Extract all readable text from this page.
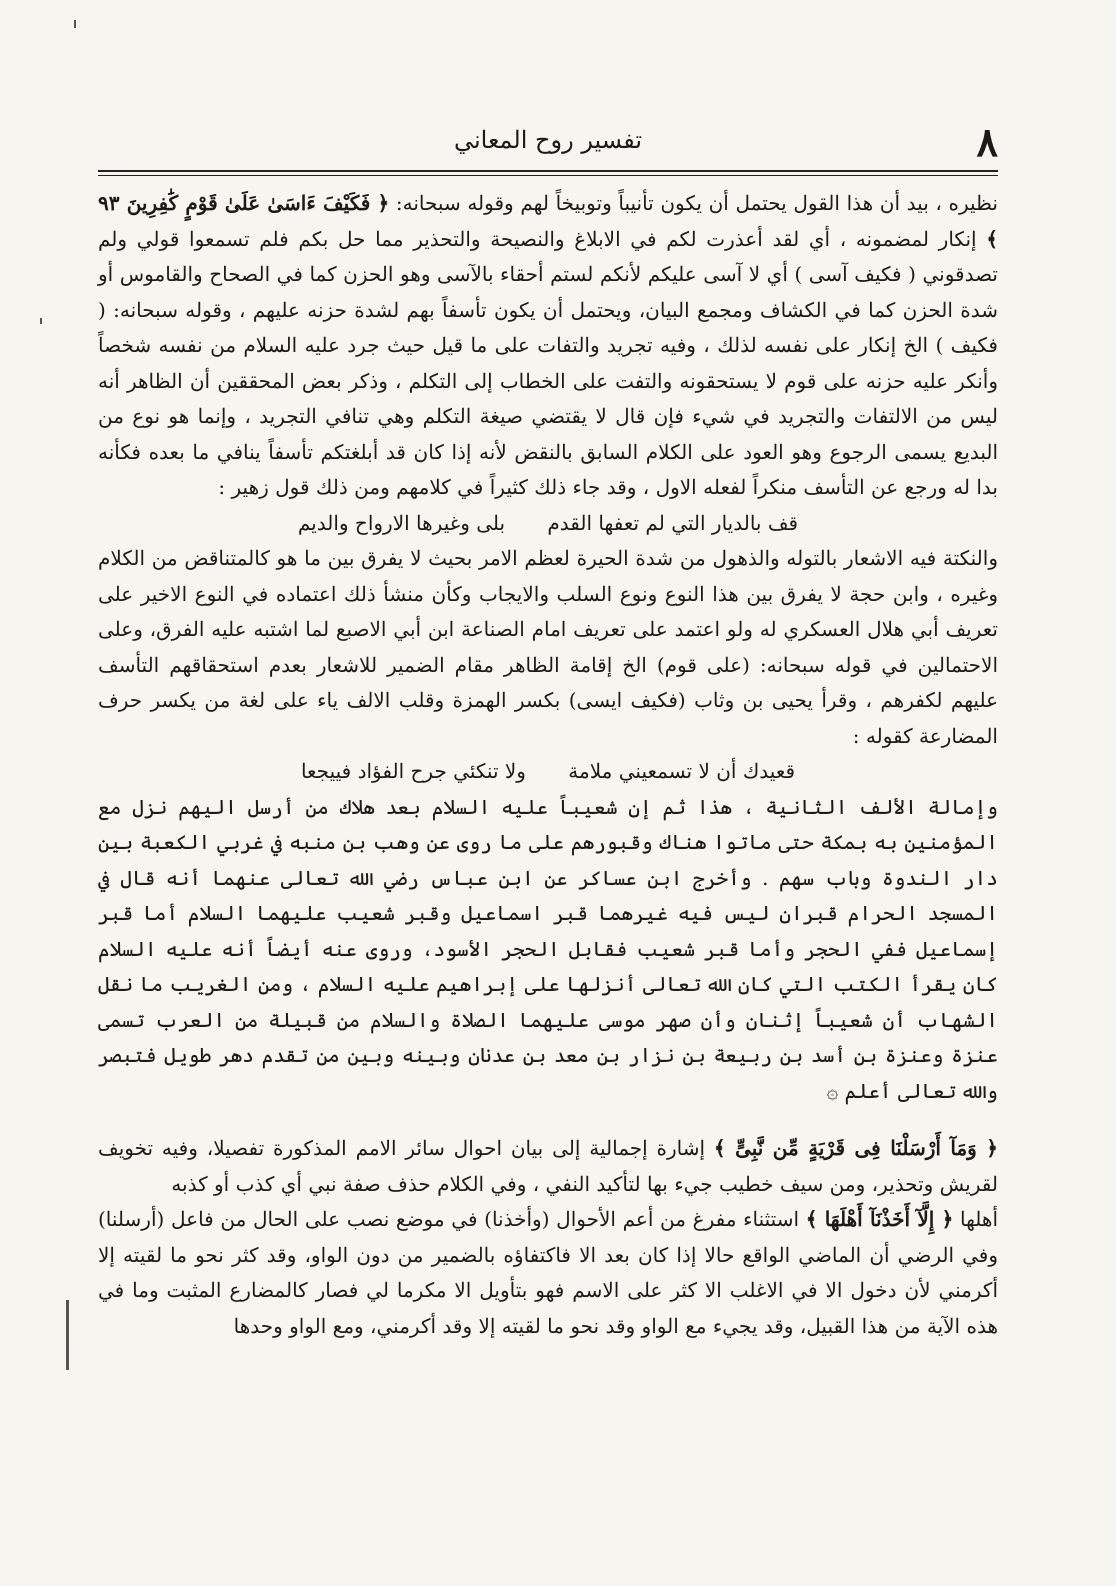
٨
تفسير روح المعاني

نظيره ، بيد أن هذا القول يحتمل أن يكون تأنيباً وتوبيخاً لهم وقوله سبحانه: ﴿ فَكَيْفَ ءَاسَىٰ عَلَىٰ قَوْمٍ كَٰفِرِينَ ٩٣ ﴾ إنكار لمضمونه ، أي لقد أعذرت لكم في الابلاغ والنصيحة والتحذير مما حل بكم فلم تسمعوا قولي ولم تصدقوني ( فكيف آسى ) أي لا آسى عليكم لأنكم لستم أحقاء بالآسى وهو الحزن كما في الصحاح والقاموس أو شدة الحزن كما في الكشاف ومجمع البيان، ويحتمل أن يكون تأسفاً بهم لشدة حزنه عليهم ، وقوله سبحانه: ( فكيف ) الخ إنكار على نفسه لذلك ، وفيه تجريد والتفات على ما قيل حيث جرد عليه السلام من نفسه شخصاً وأنكر عليه حزنه على قوم لا يستحقونه والتفت على الخطاب إلى التكلم ، وذكر بعض المحققين أن الظاهر أنه ليس من الالتفات والتجريد في شيء فإن قال لا يقتضي صيغة التكلم وهي تنافي التجريد ، وإنما هو نوع من البديع يسمى الرجوع وهو العود على الكلام السابق بالنقض لأنه إذا كان قد أبلغتكم تأسفاً ينافي ما بعده فكأنه بدا له ورجع عن التأسف منكراً لفعله الاول ، وقد جاء ذلك كثيراً في كلامهم ومن ذلك قول زهير :

قف بالديار التي لم تعفها القدم بلى وغيرها الارواح والديم

والنكتة فيه الاشعار بالتوله والذهول من شدة الحيرة لعظم الامر بحيث لا يفرق بين ما هو كالمتناقض من الكلام وغيره ، وابن حجة لا يفرق بين هذا النوع ونوع السلب والايجاب وكأن منشأ ذلك اعتماده في النوع الاخير على تعريف أبي هلال العسكري له ولو اعتمد على تعريف امام الصناعة ابن أبي الاصبع لما اشتبه عليه الفرق، وعلى الاحتمالين في قوله سبحانه: (على قوم) الخ إقامة الظاهر مقام الضمير للاشعار بعدم استحقاقهم التأسف عليهم لكفرهم ، وقرأ يحيى بن وثاب (فكيف ايسى) بكسر الهمزة وقلب الالف ياء على لغة من يكسر حرف المضارعة كقوله :

قعيدك أن لا تسمعيني ملامة ولا تنكئي جرح الفؤاد فييجعا

وإمالة الألف الثانية ، هذا ثم إن شعيباً عليه السلام بعد هلاك من أرسل اليهم نزل مع المؤمنين به بمكة حتى ماتوا هناك وقبورهم على ما روى عن وهب بن منبه في غربي الكعبة بين دار الندوة وباب سهم . وأخرج ابن عساكر عن ابن عباس رضي الله تعالى عنهما أنه قال في المسجد الحرام قبران ليس فيه غيرهما قبر اسماعيل وقبر شعيب عليهما السلام أما قبر إسماعيل ففي الحجر وأما قبر شعيب فقابل الحجر الأسود، وروى عنه أيضاً أنه عليه السلام كان يقرأ الكتب التي كان الله تعالى أنزلها على إبراهيم عليه السلام ، ومن الغريب ما نقل الشهاب أن شعيباً إثنان وأن صهر موسى عليهما الصلاة والسلام من قبيلة من العرب تسمى عنزة وعنزة بن أسد بن ربيعة بن نزار بن معد بن عدنان وبينه وبين من تقدم دهر طويل فتبصر والله تعالى أعلم ۞

﴿ وَمَآ أَرْسَلْنَا فِى قَرْيَةٍ مِّن نَّبِىٍّ ﴾ إشارة إجمالية إلى بيان احوال سائر الامم المذكورة تفصيلا، وفيه تخويف لقريش وتحذير، ومن سيف خطيب جيء بها لتأكيد النفي ، وفي الكلام حذف صفة نبي أي كذب أو كذبه

أهلها ﴿ إِلَّآ أَخَذْنَآ أَهْلَهَا ﴾ استثناء مفرغ من أعم الأحوال (وأخذنا) في موضع نصب على الحال من فاعل (أرسلنا) وفي الرضي أن الماضي الواقع حالا إذا كان بعد الا فاكتفاؤه بالضمير من دون الواو، وقد كثر نحو ما لقيته إلا أكرمني لأن دخول الا في الاغلب الا كثر على الاسم فهو بتأويل الا مكرما لي فصار كالمضارع المثبت وما في هذه الآية من هذا القبيل، وقد يجيء مع الواو وقد نحو ما لقيته إلا وقد أكرمني، ومع الواو وحدها
